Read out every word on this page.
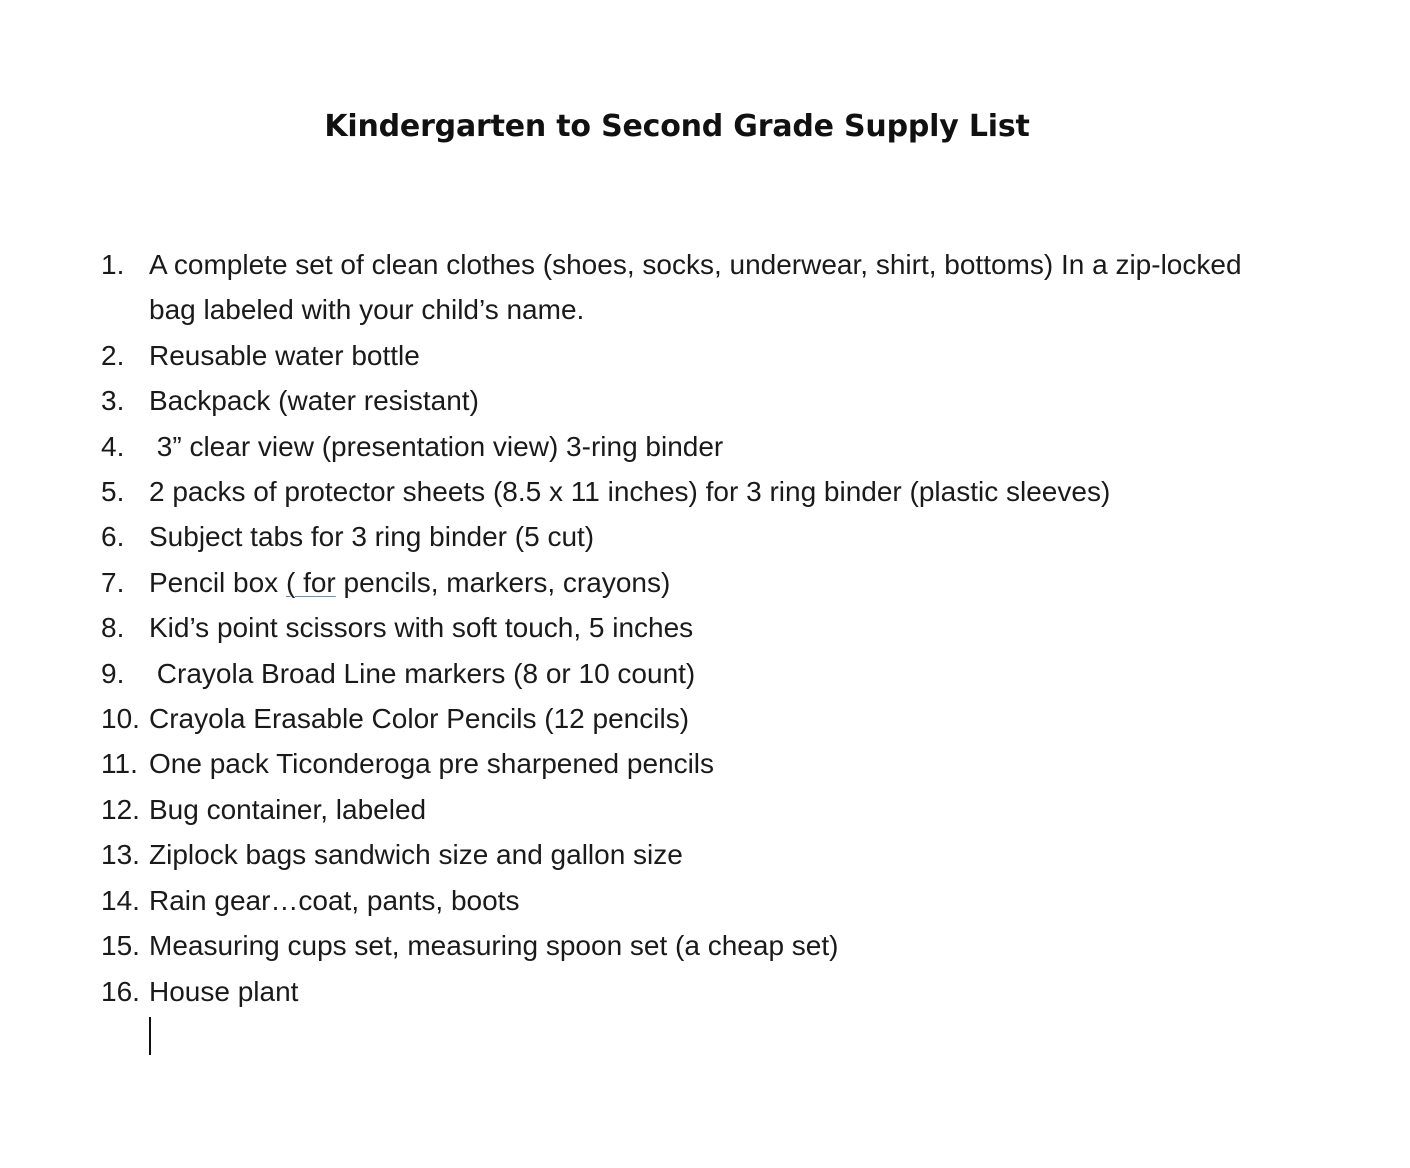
Kindergarten to Second Grade Supply List
1. A complete set of clean clothes (shoes, socks, underwear, shirt, bottoms) In a zip-locked bag labeled with your child’s name.
2. Reusable water bottle
3. Backpack (water resistant)
4. 3” clear view (presentation view) 3-ring binder
5. 2 packs of protector sheets (8.5 x 11 inches) for 3 ring binder (plastic sleeves)
6. Subject tabs for 3 ring binder (5 cut)
7. Pencil box ( for pencils, markers, crayons)
8. Kid’s point scissors with soft touch, 5 inches
9. Crayola Broad Line markers (8 or 10 count)
10. Crayola Erasable Color Pencils (12 pencils)
11. One pack Ticonderoga pre sharpened pencils
12. Bug container, labeled
13. Ziplock bags sandwich size and gallon size
14. Rain gear…coat, pants, boots
15. Measuring cups set, measuring spoon set (a cheap set)
16. House plant
